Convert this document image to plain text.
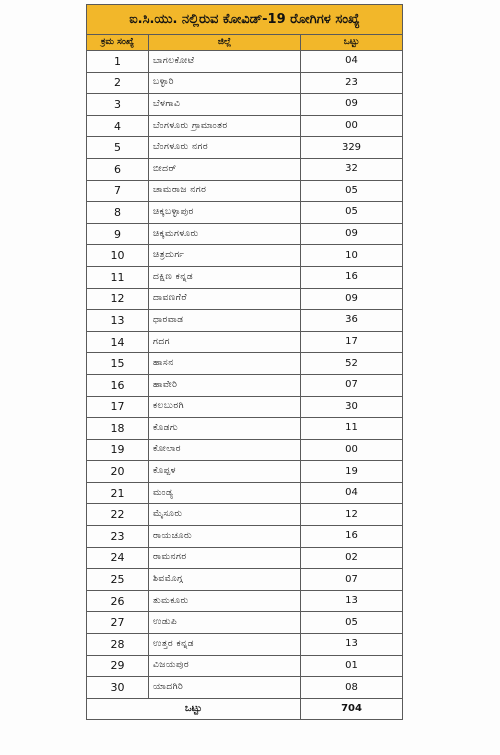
ಐ.ಸಿ.ಯು. ನಲ್ಲಿರುವ ಕೋವಿಡ್-19 ರೋಗಿಗಳ ಸಂಖ್ಯೆ		
ಕ್ರಮ ಸಂಖ್ಯೆ	ಜಿಲ್ಲೆ	ಒಟ್ಟು
1	ಬಾಗಲಕೋಟೆ	04
2	ಬಳ್ಳಾರಿ	23
3	ಬೆಳಗಾವಿ	09
4	ಬೆಂಗಳೂರು ಗ್ರಾಮಾಂತರ	00
5	ಬೆಂಗಳೂರು ನಗರ	329
6	ಬೀದರ್	32
7	ಚಾಮರಾಜ ನಗರ	05
8	ಚಿಕ್ಕಬಳ್ಳಾಪುರ	05
9	ಚಿಕ್ಕಮಗಳೂರು	09
10	ಚಿತ್ರದುರ್ಗ	10
11	ದಕ್ಷಿಣ ಕನ್ನಡ	16
12	ದಾವಣಗೆರೆ	09
13	ಧಾರವಾಡ	36
14	ಗದಗ	17
15	ಹಾಸನ	52
16	ಹಾವೇರಿ	07
17	ಕಲಬುರಗಿ	30
18	ಕೊಡಗು	11
19	ಕೋಲಾರ	00
20	ಕೊಪ್ಪಳ	19
21	ಮಂಡ್ಯ	04
22	ಮೈಸೂರು	12
23	ರಾಯಚೂರು	16
24	ರಾಮನಗರ	02
25	ಶಿವಮೊಗ್ಗ	07
26	ತುಮಕೂರು	13
27	ಉಡುಪಿ	05
28	ಉತ್ತರ ಕನ್ನಡ	13
29	ವಿಜಯಪುರ	01
30	ಯಾದಗಿರಿ	08
ಒಟ್ಟು		704
